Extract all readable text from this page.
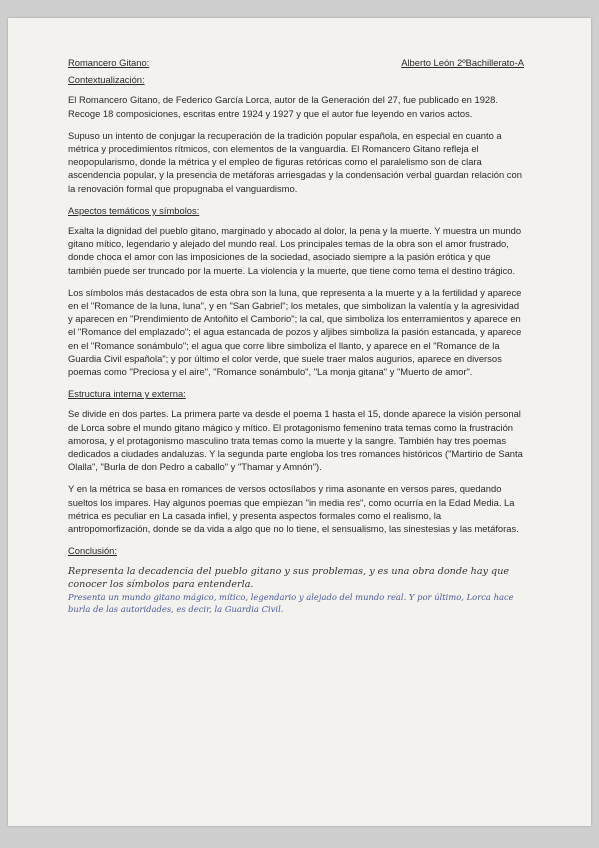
Romancero Gitano:	Alberto León 2ºBachillerato-A
Contextualización:

El Romancero Gitano, de Federico García Lorca, autor de la Generación del 27, fue publicado en 1928. Recoge 18 composiciones, escritas entre 1924 y 1927 y que el autor fue leyendo en varios actos.

Supuso un intento de conjugar la recuperación de la tradición popular española, en especial en cuanto a métrica y procedimientos rítmicos, con elementos de la vanguardia. El Romancero Gitano refleja el neopopularismo, donde la métrica y el empleo de figuras retóricas como el paralelismo son de clara ascendencia popular, y la presencia de metáforas arriesgadas y la condensación verbal guardan relación con la renovación formal que propugnaba el vanguardismo.

Aspectos temáticos y símbolos:

Exalta la dignidad del pueblo gitano, marginado y abocado al dolor, la pena y la muerte. Y muestra un mundo gitano mítico, legendario y alejado del mundo real. Los principales temas de la obra son el amor frustrado, donde choca el amor con las imposiciones de la sociedad, asociado siempre a la pasión erótica y que también puede ser truncado por la muerte. La violencia y la muerte, que tiene como tema el destino trágico.

Los símbolos más destacados de esta obra son la luna, que representa a la muerte y a la fertilidad y aparece en el "Romance de la luna, luna", y en "San Gabriel"; los metales, que simbolizan la valentía y la agresividad y aparecen en "Prendimiento de Antoñito el Camborio"; la cal, que simboliza los enterramientos y aparece en el "Romance del emplazado"; el agua estancada de pozos y aljibes simboliza la pasión estancada, y aparece en el "Romance sonámbulo"; el agua que corre libre simboliza el llanto, y aparece en el "Romance de la Guardia Civil española"; y por último el color verde, que suele traer malos augurios, aparece en diversos poemas como "Preciosa y el aire", "Romance sonámbulo", "La monja gitana" y "Muerto de amor".

Estructura interna y externa:

Se divide en dos partes. La primera parte va desde el poema 1 hasta el 15, donde aparece la visión personal de Lorca sobre el mundo gitano mágico y mítico. El protagonismo femenino trata temas como la frustración amorosa, y el protagonismo masculino trata temas como la muerte y la sangre. También hay tres poemas dedicados a ciudades andaluzas. Y la segunda parte engloba los tres romances históricos ("Martirio de Santa Olalla", "Burla de don Pedro a caballo" y "Thamar y Amnón").

Y en la métrica se basa en romances de versos octosílabos y rima asonante en versos pares, quedando sueltos los impares. Hay algunos poemas que empiezan "in media res", como ocurría en la Edad Media. La métrica es peculiar en La casada infiel, y presenta aspectos formales como el realismo, la antropomorfización, donde se da vida a algo que no lo tiene, el sensualismo, las sinestesias y las metáforas.

Conclusión:
Representa la decadencia del pueblo gitano y sus problemas, y es una obra donde hay que conocer los símbolos para entenderla.
Presenta un mundo gitano mágico, mítico, legendario y alejado del mundo real. Y por último, Lorca hace burla de las autoridades, es decir, la Guardia Civil.
